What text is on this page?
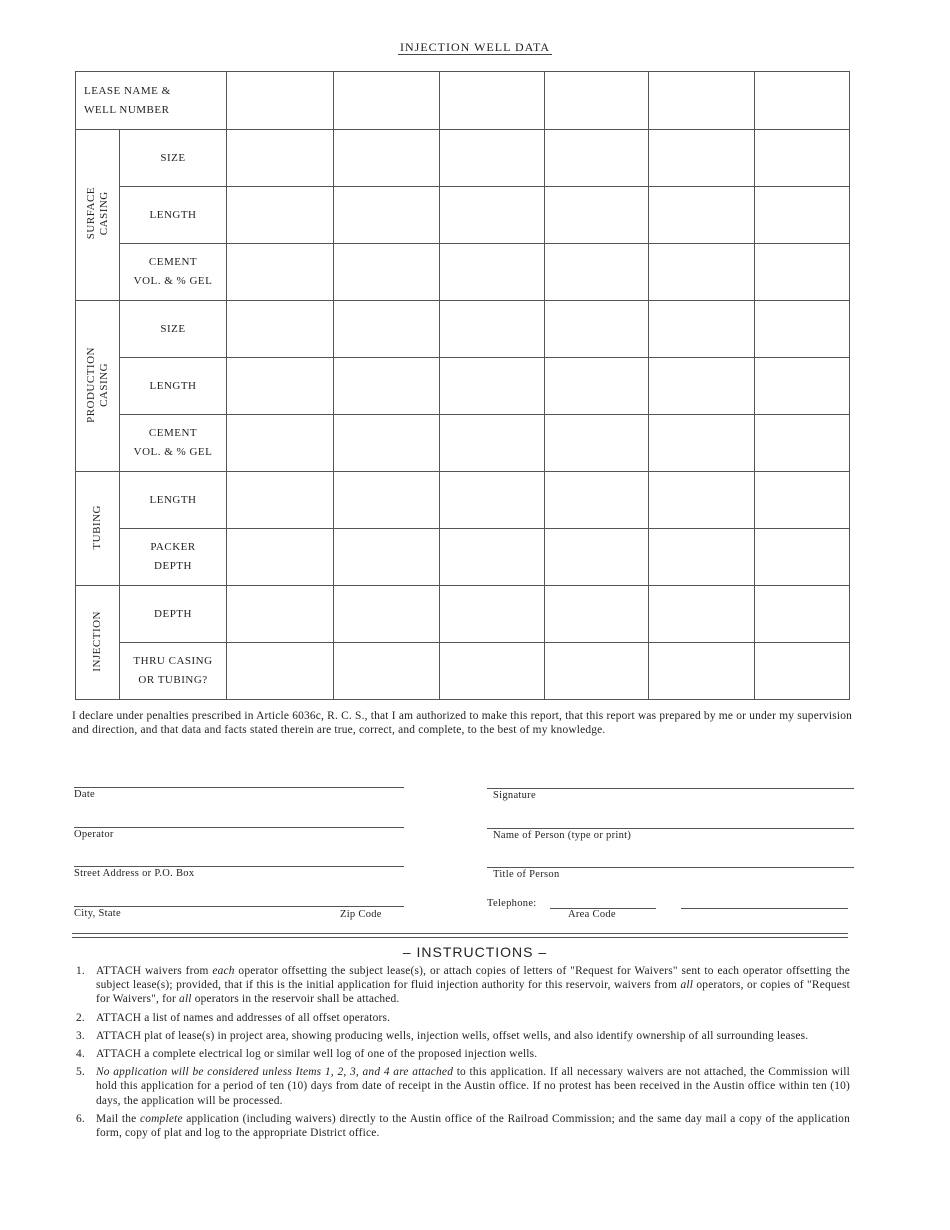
INJECTION WELL DATA
LEASE NAME &
WELL NUMBER							

SURFACE
CASING	SIZE						

	LENGTH						

	CEMENT
VOL. & % GEL						

PRODUCTION
CASING	SIZE						

	LENGTH						

	CEMENT
VOL. & % GEL						

TUBING	LENGTH						

	PACKER
DEPTH						

INJECTION	DEPTH						

	THRU CASING
OR TUBING?						

I declare under penalties prescribed in Article 6036c, R. C. S., that I am authorized to make this report, that this report was prepared by me or under my supervision and direction, and that data and facts stated therein are true, correct, and complete, to the best of my knowledge.
Date
Operator
Street Address or P.O. Box
City, State	Zip Code
Signature
Name of Person (type or print)
Title of Person
Telephone:
Area Code
– INSTRUCTIONS –
1. ATTACH waivers from each operator offsetting the subject lease(s), or attach copies of letters of "Request for Waivers" sent to each operator offsetting the subject lease(s); provided, that if this is the initial application for fluid injection authority for this reservoir, waivers from all operators, or copies of "Request for Waivers", for all operators in the reservoir shall be attached.
2. ATTACH a list of names and addresses of all offset operators.
3. ATTACH plat of lease(s) in project area, showing producing wells, injection wells, offset wells, and also identify ownership of all surrounding leases.
4. ATTACH a complete electrical log or similar well log of one of the proposed injection wells.
5. No application will be considered unless Items 1, 2, 3, and 4 are attached to this application. If all necessary waivers are not attached, the Commission will hold this application for a period of ten (10) days from date of receipt in the Austin office. If no protest has been received in the Austin office within ten (10) days, the application will be processed.
6. Mail the complete application (including waivers) directly to the Austin office of the Railroad Commission; and the same day mail a copy of the application form, copy of plat and log to the appropriate District office.
